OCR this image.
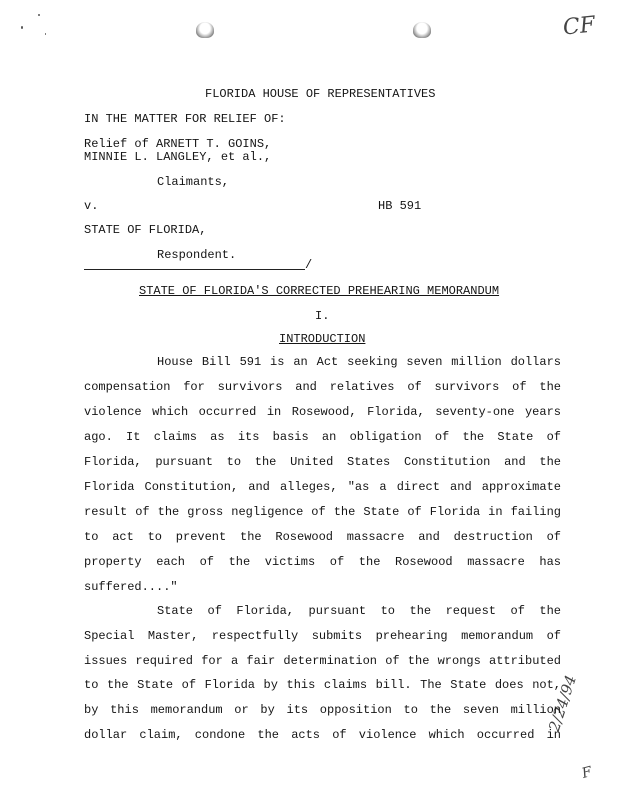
CF
2/24/94
F
FLORIDA HOUSE OF REPRESENTATIVES
IN THE MATTER FOR RELIEF OF:
Relief of ARNETT T. GOINS,
MINNIE L. LANGLEY, et al.,
Claimants,
v.	HB 591
STATE OF FLORIDA,
Respondent.
/
STATE OF FLORIDA'S CORRECTED PREHEARING MEMORANDUM
I.
INTRODUCTION
House Bill 591 is an Act seeking seven million dollars
compensation for survivors and relatives of survivors of the
violence which occurred in Rosewood, Florida, seventy-one years
ago. It claims as its basis an obligation of the State of
Florida, pursuant to the United States Constitution and the
Florida Constitution, and alleges, "as a direct and approximate
result of the gross negligence of the State of Florida in failing
to act to prevent the Rosewood massacre and destruction of
property each of the victims of the Rosewood massacre has
suffered...."
State of Florida, pursuant to the request of the
Special Master, respectfully submits prehearing memorandum of
issues required for a fair determination of the wrongs attributed
to the State of Florida by this claims bill. The State does not,
by this memorandum or by its opposition to the seven million
dollar claim, condone the acts of violence which occurred in
